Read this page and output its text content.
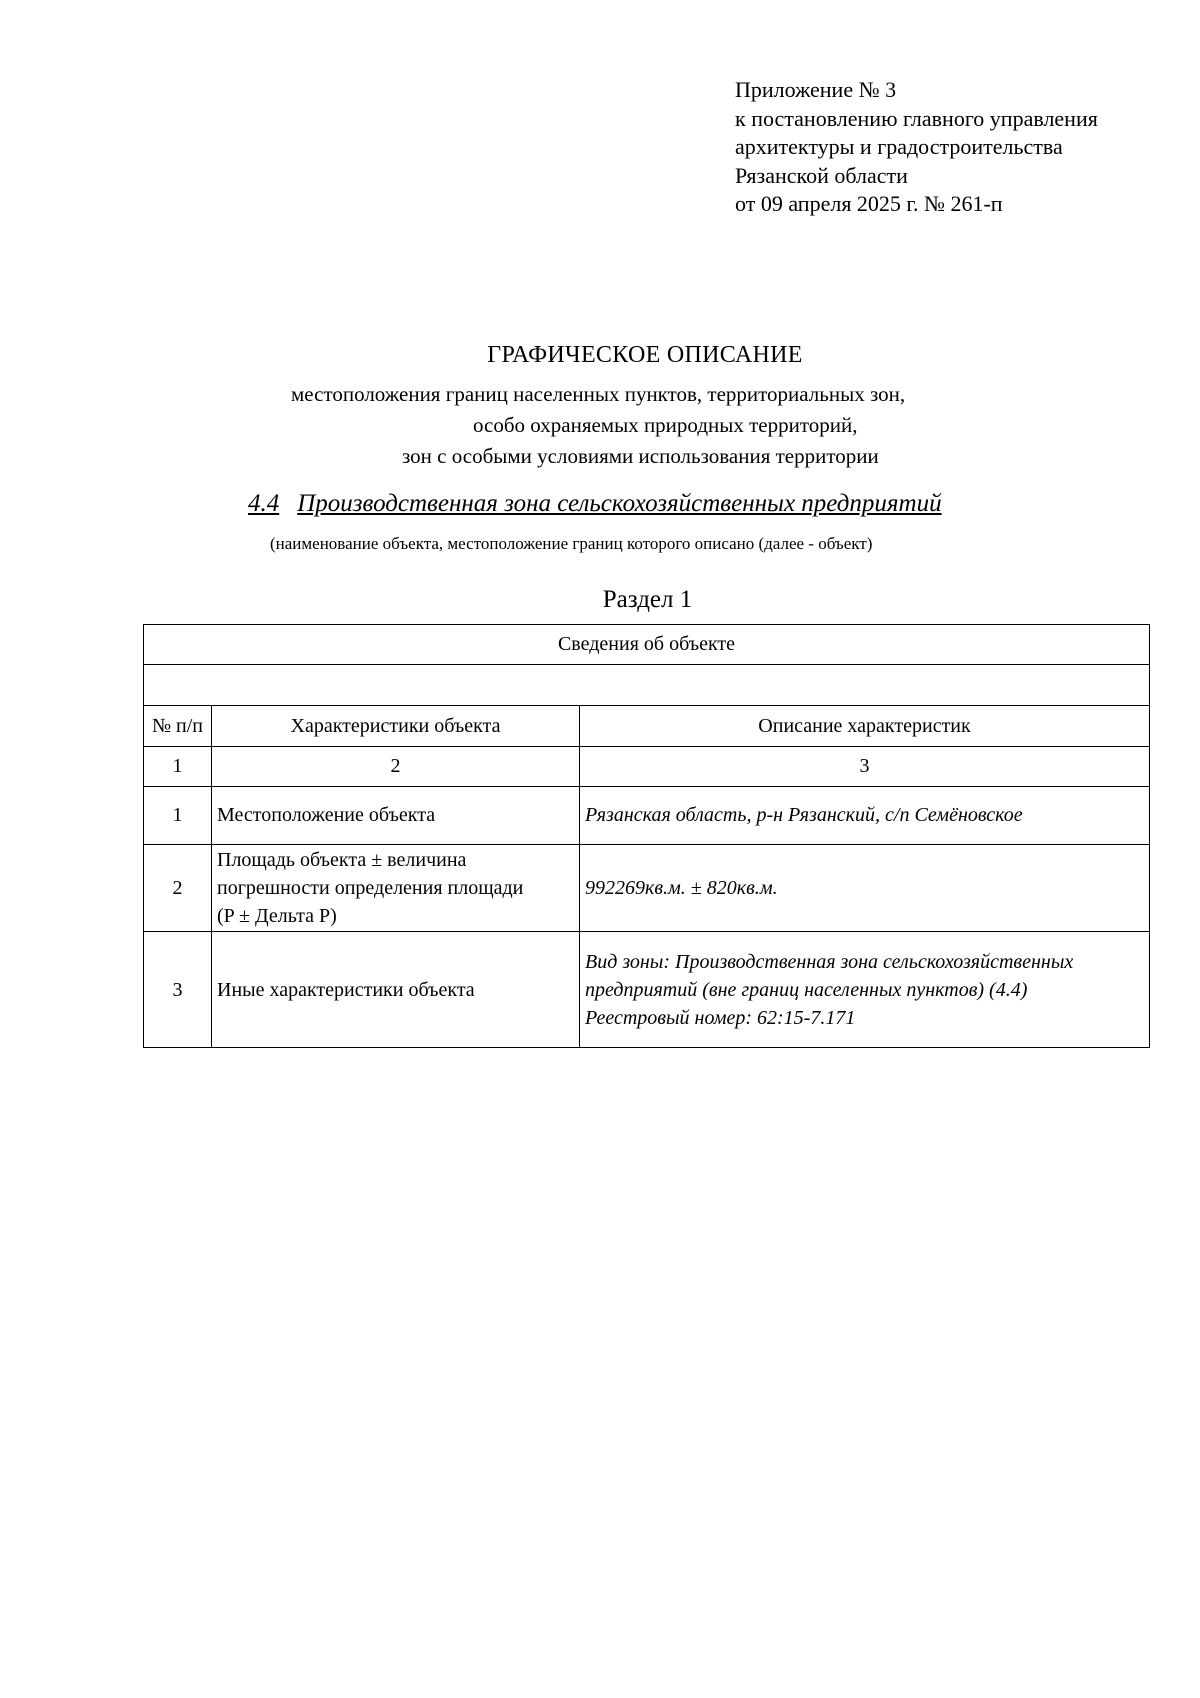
Приложение № 3
к постановлению главного управления
архитектуры и градостроительства
Рязанской области
от 09 апреля 2025 г. № 261-п
ГРАФИЧЕСКОЕ ОПИСАНИЕ
местоположения границ населенных пунктов, территориальных зон,
особо охраняемых природных территорий,
зон с особыми условиями использования территории
4.4 Производственная зона сельскохозяйственных предприятий
(наименование объекта, местоположение границ которого описано (далее - объект)
Раздел 1
Сведения об объекте		

№ п/п	Характеристики объекта	Описание характеристик
1	2	3
1	Местоположение объекта	Рязанская область, р-н Рязанский, с/п Семёновское

2	Площадь объекта ± величина
погрешности определения площади
(P ± Дельта P)	992269кв.м. ± 820кв.м.

3	Иные характеристики объекта	Вид зоны: Производственная зона сельскохозяйственных
предприятий (вне границ населенных пунктов) (4.4)
Реестровый номер: 62:15-7.171
